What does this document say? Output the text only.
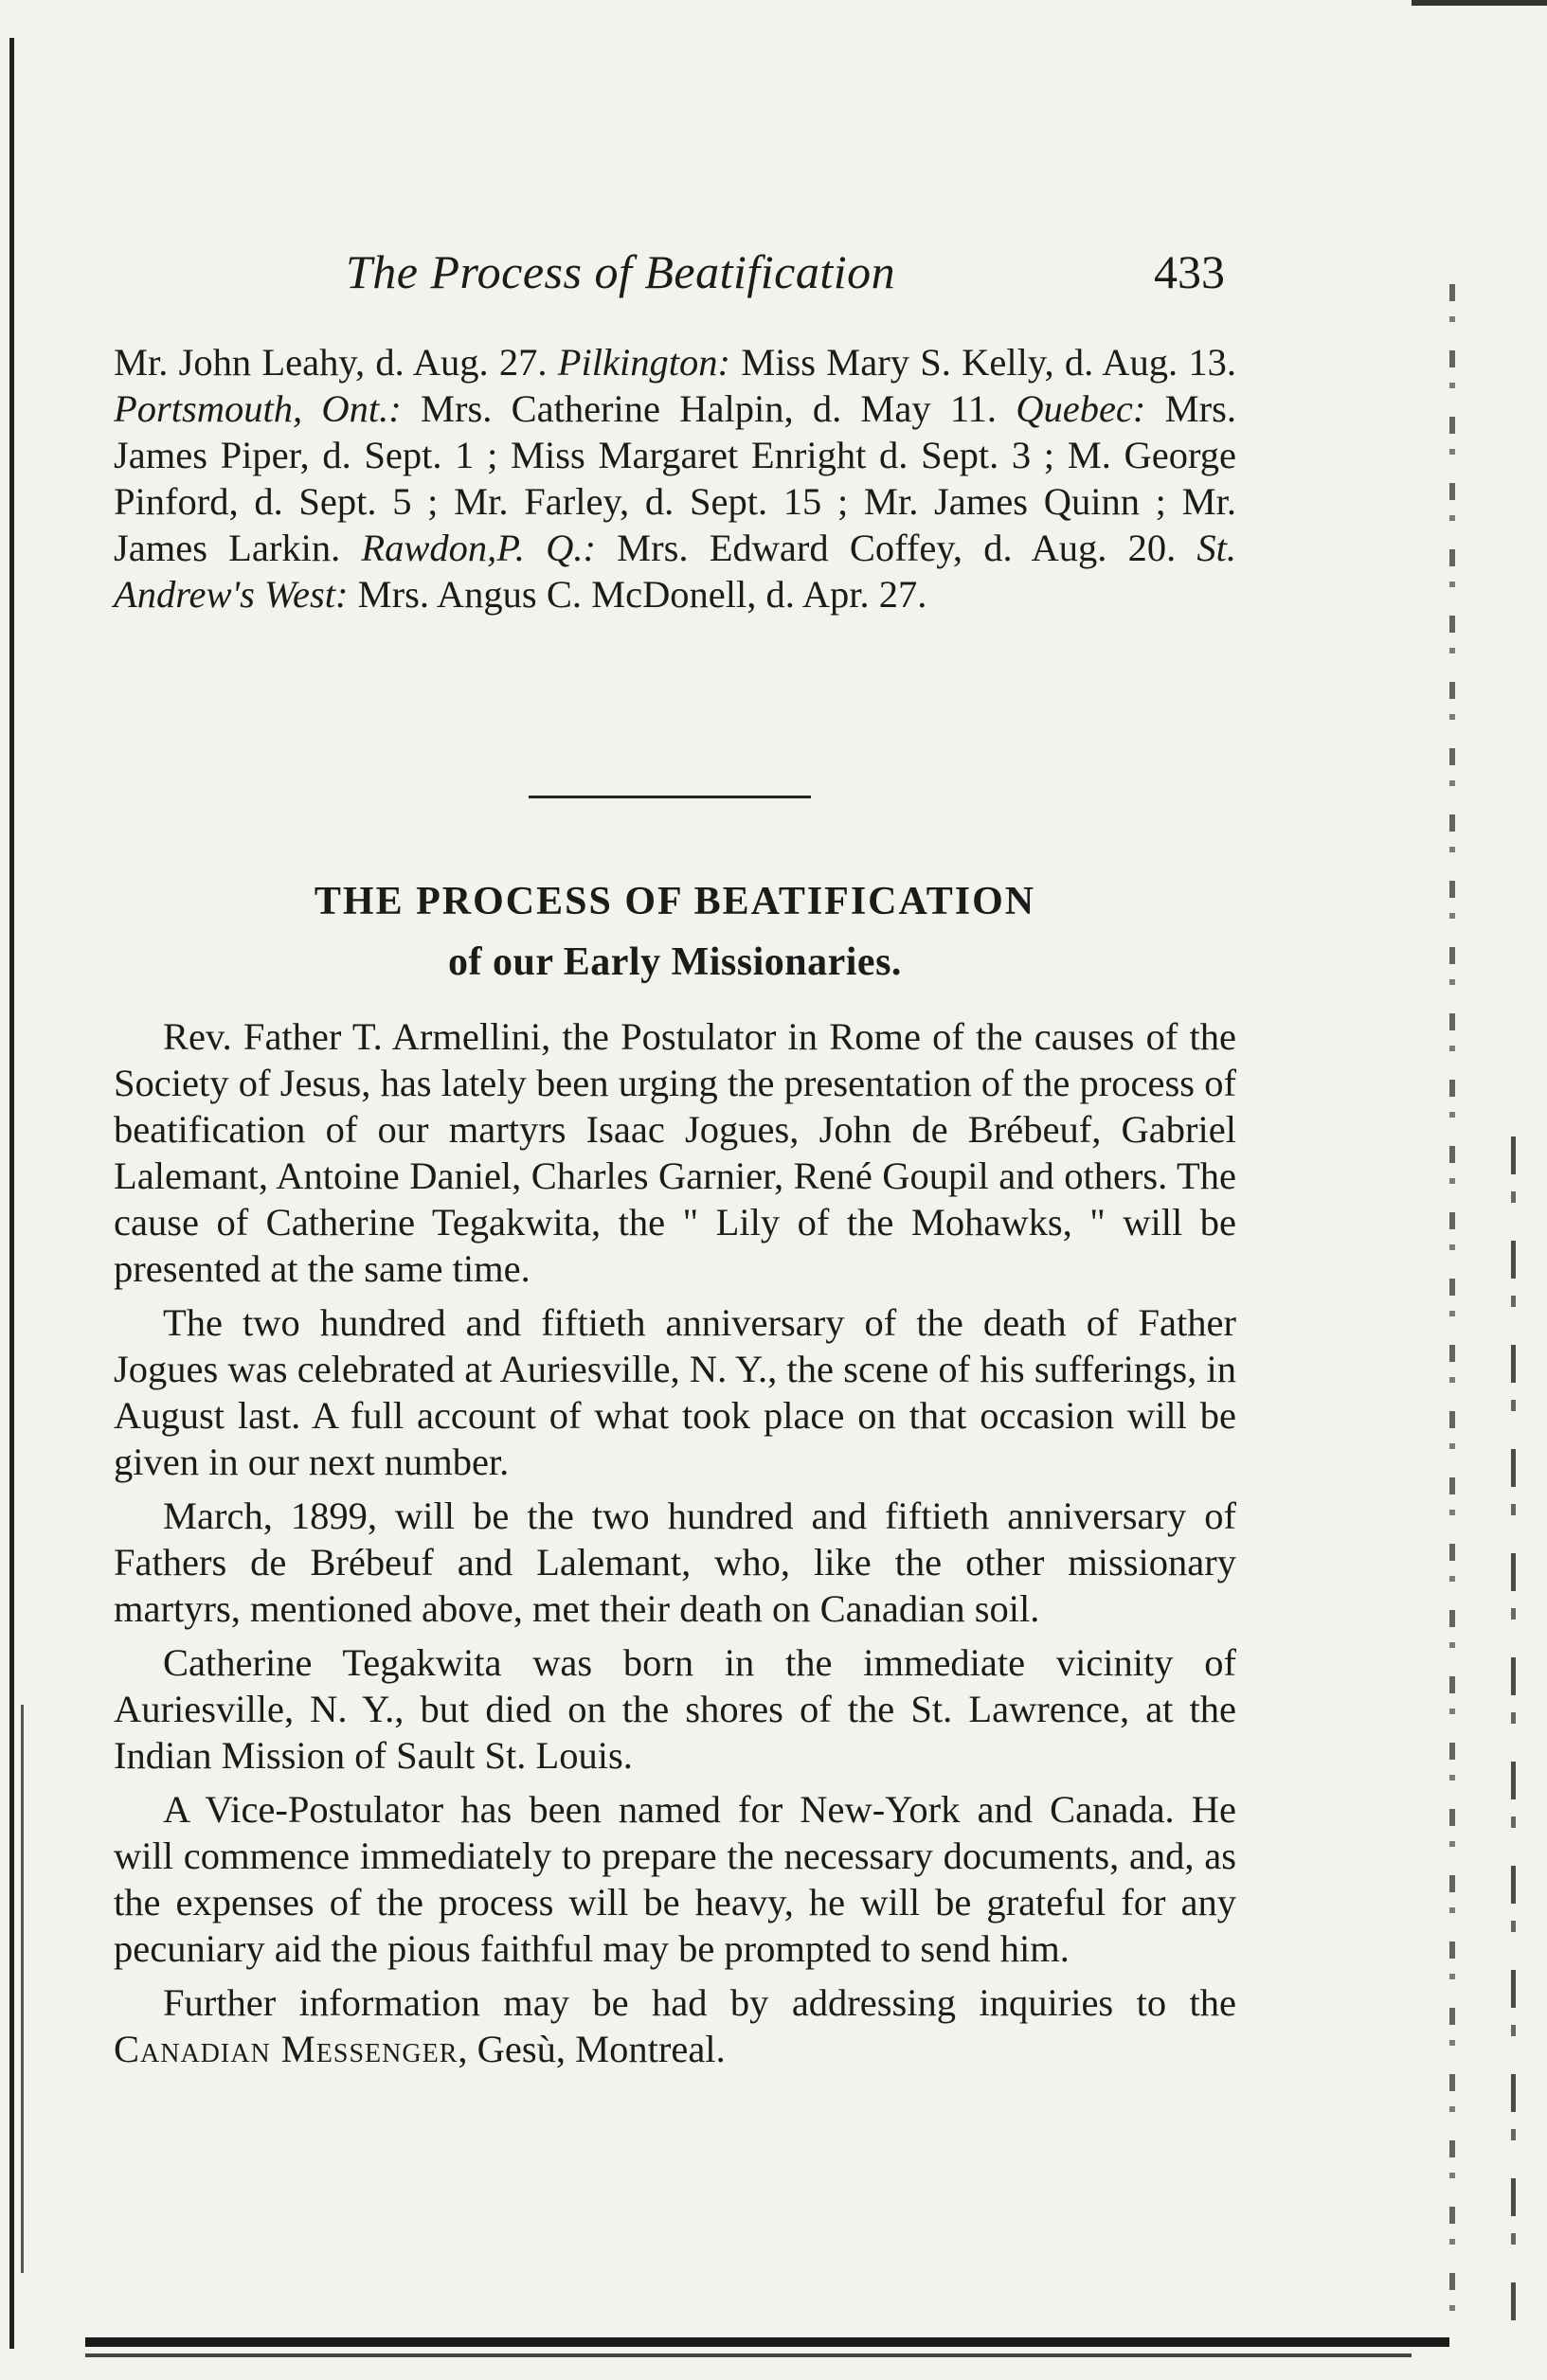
The Process of Beatification	433

Mr. John Leahy, d. Aug. 27. Pilkington: Miss Mary S. Kelly, d. Aug. 13. Portsmouth, Ont.: Mrs. Catherine Halpin, d. May 11. Quebec: Mrs. James Piper, d. Sept. 1 ; Miss Margaret Enright d. Sept. 3 ; M. George Pinford, d. Sept. 5 ; Mr. Farley, d. Sept. 15 ; Mr. James Quinn ; Mr. James Larkin. Rawdon,P. Q.: Mrs. Edward Coffey, d. Aug. 20. St. Andrew's West: Mrs. Angus C. McDonell, d. Apr. 27.

THE PROCESS OF BEATIFICATION
of our Early Missionaries.

Rev. Father T. Armellini, the Postulator in Rome of the causes of the Society of Jesus, has lately been urging the presentation of the process of beatification of our martyrs Isaac Jogues, John de Brébeuf, Gabriel Lalemant, Antoine Daniel, Charles Garnier, René Goupil and others. The cause of Catherine Tegakwita, the " Lily of the Mohawks, " will be presented at the same time.

The two hundred and fiftieth anniversary of the death of Father Jogues was celebrated at Auriesville, N. Y., the scene of his sufferings, in August last. A full account of what took place on that occasion will be given in our next number.

March, 1899, will be the two hundred and fiftieth anniversary of Fathers de Brébeuf and Lalemant, who, like the other missionary martyrs, mentioned above, met their death on Canadian soil.

Catherine Tegakwita was born in the immediate vicinity of Auriesville, N. Y., but died on the shores of the St. Lawrence, at the Indian Mission of Sault St. Louis.

A Vice-Postulator has been named for New-York and Canada. He will commence immediately to prepare the necessary documents, and, as the expenses of the process will be heavy, he will be grateful for any pecuniary aid the pious faithful may be prompted to send him.

Further information may be had by addressing inquiries to the Canadian Messenger, Gesù, Montreal.
